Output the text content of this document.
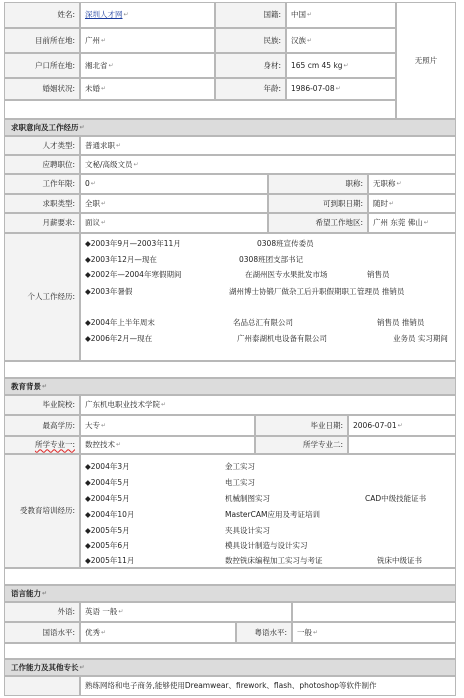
姓名: 深圳人才网 ↵	国籍: 中国 ↵
无照片
目前所在地: 广州 ↵	民族: 汉族 ↵
户口所在地: 湘北省 ↵	身材: 165 cm 45 kg ↵
婚姻状况: 未婚 ↵	年龄: 1986-07-08 ↵
求职意向及工作经历 ↵
人才类型: 普通求职 ↵
应聘职位: 文秘/高级文员 ↵
工作年限: 0 ↵	职称: 无职称 ↵
求职类型: 全职 ↵	可到职日期: 随时 ↵
月薪要求: 面议 ↵	希望工作地区: 广州 东莞 佛山 ↵
个人工作经历:
◆2003年9月—2003年11月	0308班宣传委员
◆2003年12月—现在	0308班团支部书记
◆2002年—2004年寒假期间	在湖州医专水果批发市场	销售员
◆2003年暑假	湖州博士协锻厂做杂工后升职假期职工 管理员 推销员
◆2004年上半年周末	名品总汇有限公司	销售员 推销员
◆2006年2月—现在	广州泰湖机电设备有限公司	业务员 实习期间
教育背景 ↵
毕业院校: 广东机电职业技术学院 ↵
最高学历: 大专 ↵	毕业日期: 2006-07-01 ↵
所学专业一: 数控技术 ↵	所学专业二:
受教育培训经历:
◆2004年3月	金工实习
◆2004年5月	电工实习
◆2004年5月	机械制图实习	CAD中级技能证书
◆2004年10月	MasterCAM应用及考证培训
◆2005年5月	夹具设计实习
◆2005年6月	模具设计制造与设计实习
◆2005年11月	数控铣床编程加工实习与考证	铣床中级证书
语言能力 ↵
外语: 英语 一般 ↵
国语水平: 优秀 ↵	粤语水平: 一般 ↵
工作能力及其他专长 ↵
熟练网络和电子商务,能够使用Dreamwear、firework、flash、photoshop等软件制作
